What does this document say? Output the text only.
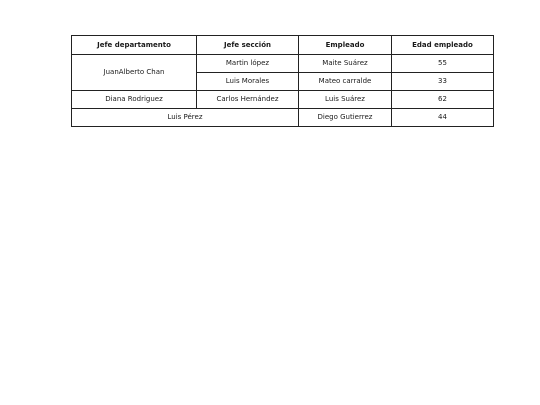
Jefe departamento	Jefe sección	Empleado	Edad empleado
JuanAlberto Chan	Martin lópez	Maite Suárez	55
	Luis Morales	Mateo carralde	33
Diana Rodriguez	Carlos Hernández	Luis Suárez	62
Luis Pérez		Diego Gutierrez	44
